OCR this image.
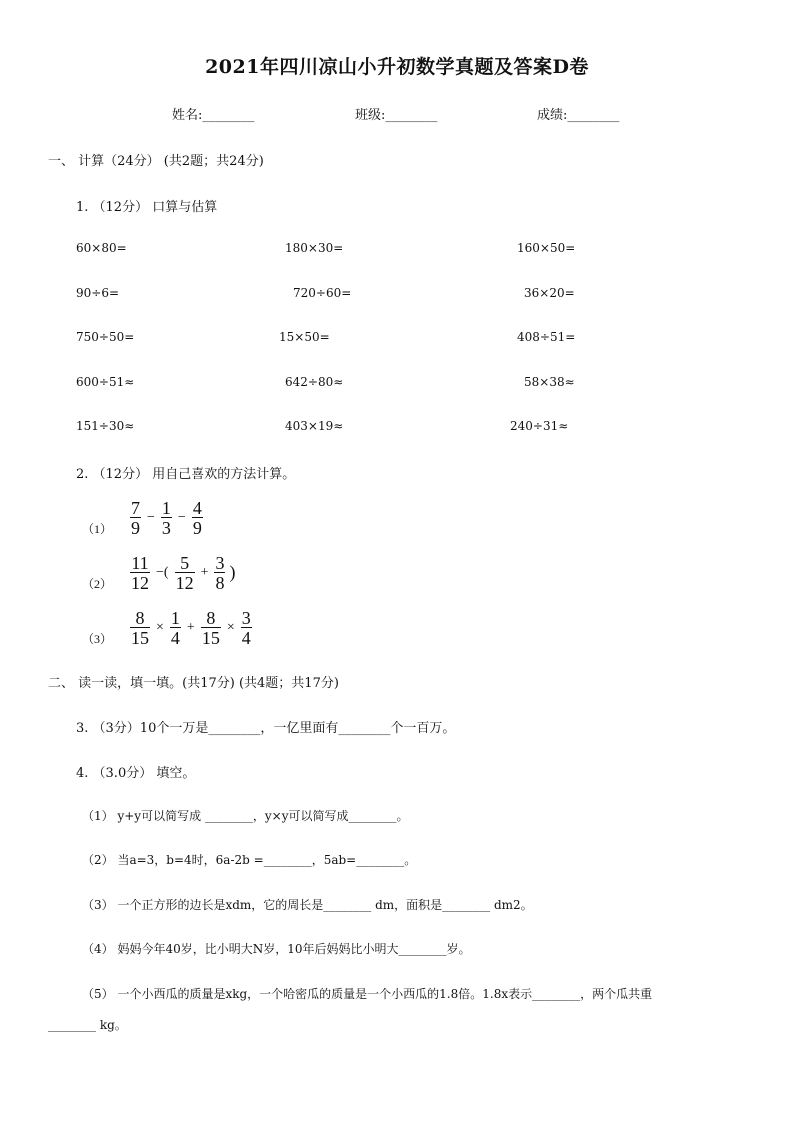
2021年四川凉山小升初数学真题及答案D卷
姓名:________	班级:________	成绩:________
一、 计算（24分） (共2题；共24分)
1. （12分） 口算与估算
60×80=	180×30=	160×50=
90÷6=	720÷60=	36×20=
750÷50=	15×50=	408÷51=
600÷51≈	642÷80≈	58×38≈
151÷30≈	403×19≈	240÷31≈
2. （12分） 用自己喜欢的方法计算。
$(1) \frac{7}{9} - \frac{1}{3} - \frac{4}{9}$
$(2) \frac{11}{12}$ −( $\frac{5}{12} + \frac{3}{8}$ )
$(3) \frac{8}{15} \times \frac{1}{4} + \frac{8}{15} \times \frac{3}{4}$
二、 读一读，填一填。(共17分) (共4题；共17分)
3. （3分）10个一万是________，一亿里面有________个一百万。
4. （3.0分） 填空。
（1） y+y可以简写成 ________，y×y可以简写成________。
（2） 当a=3，b=4时，6a-2b =________，5ab=________。
（3） 一个正方形的边长是xdm，它的周长是________ dm，面积是________ dm2。
（4） 妈妈今年40岁，比小明大N岁，10年后妈妈比小明大________岁。
（5） 一个小西瓜的质量是xkg，一个哈密瓜的质量是一个小西瓜的1.8倍。1.8x表示________，两个瓜共重
________ kg。
